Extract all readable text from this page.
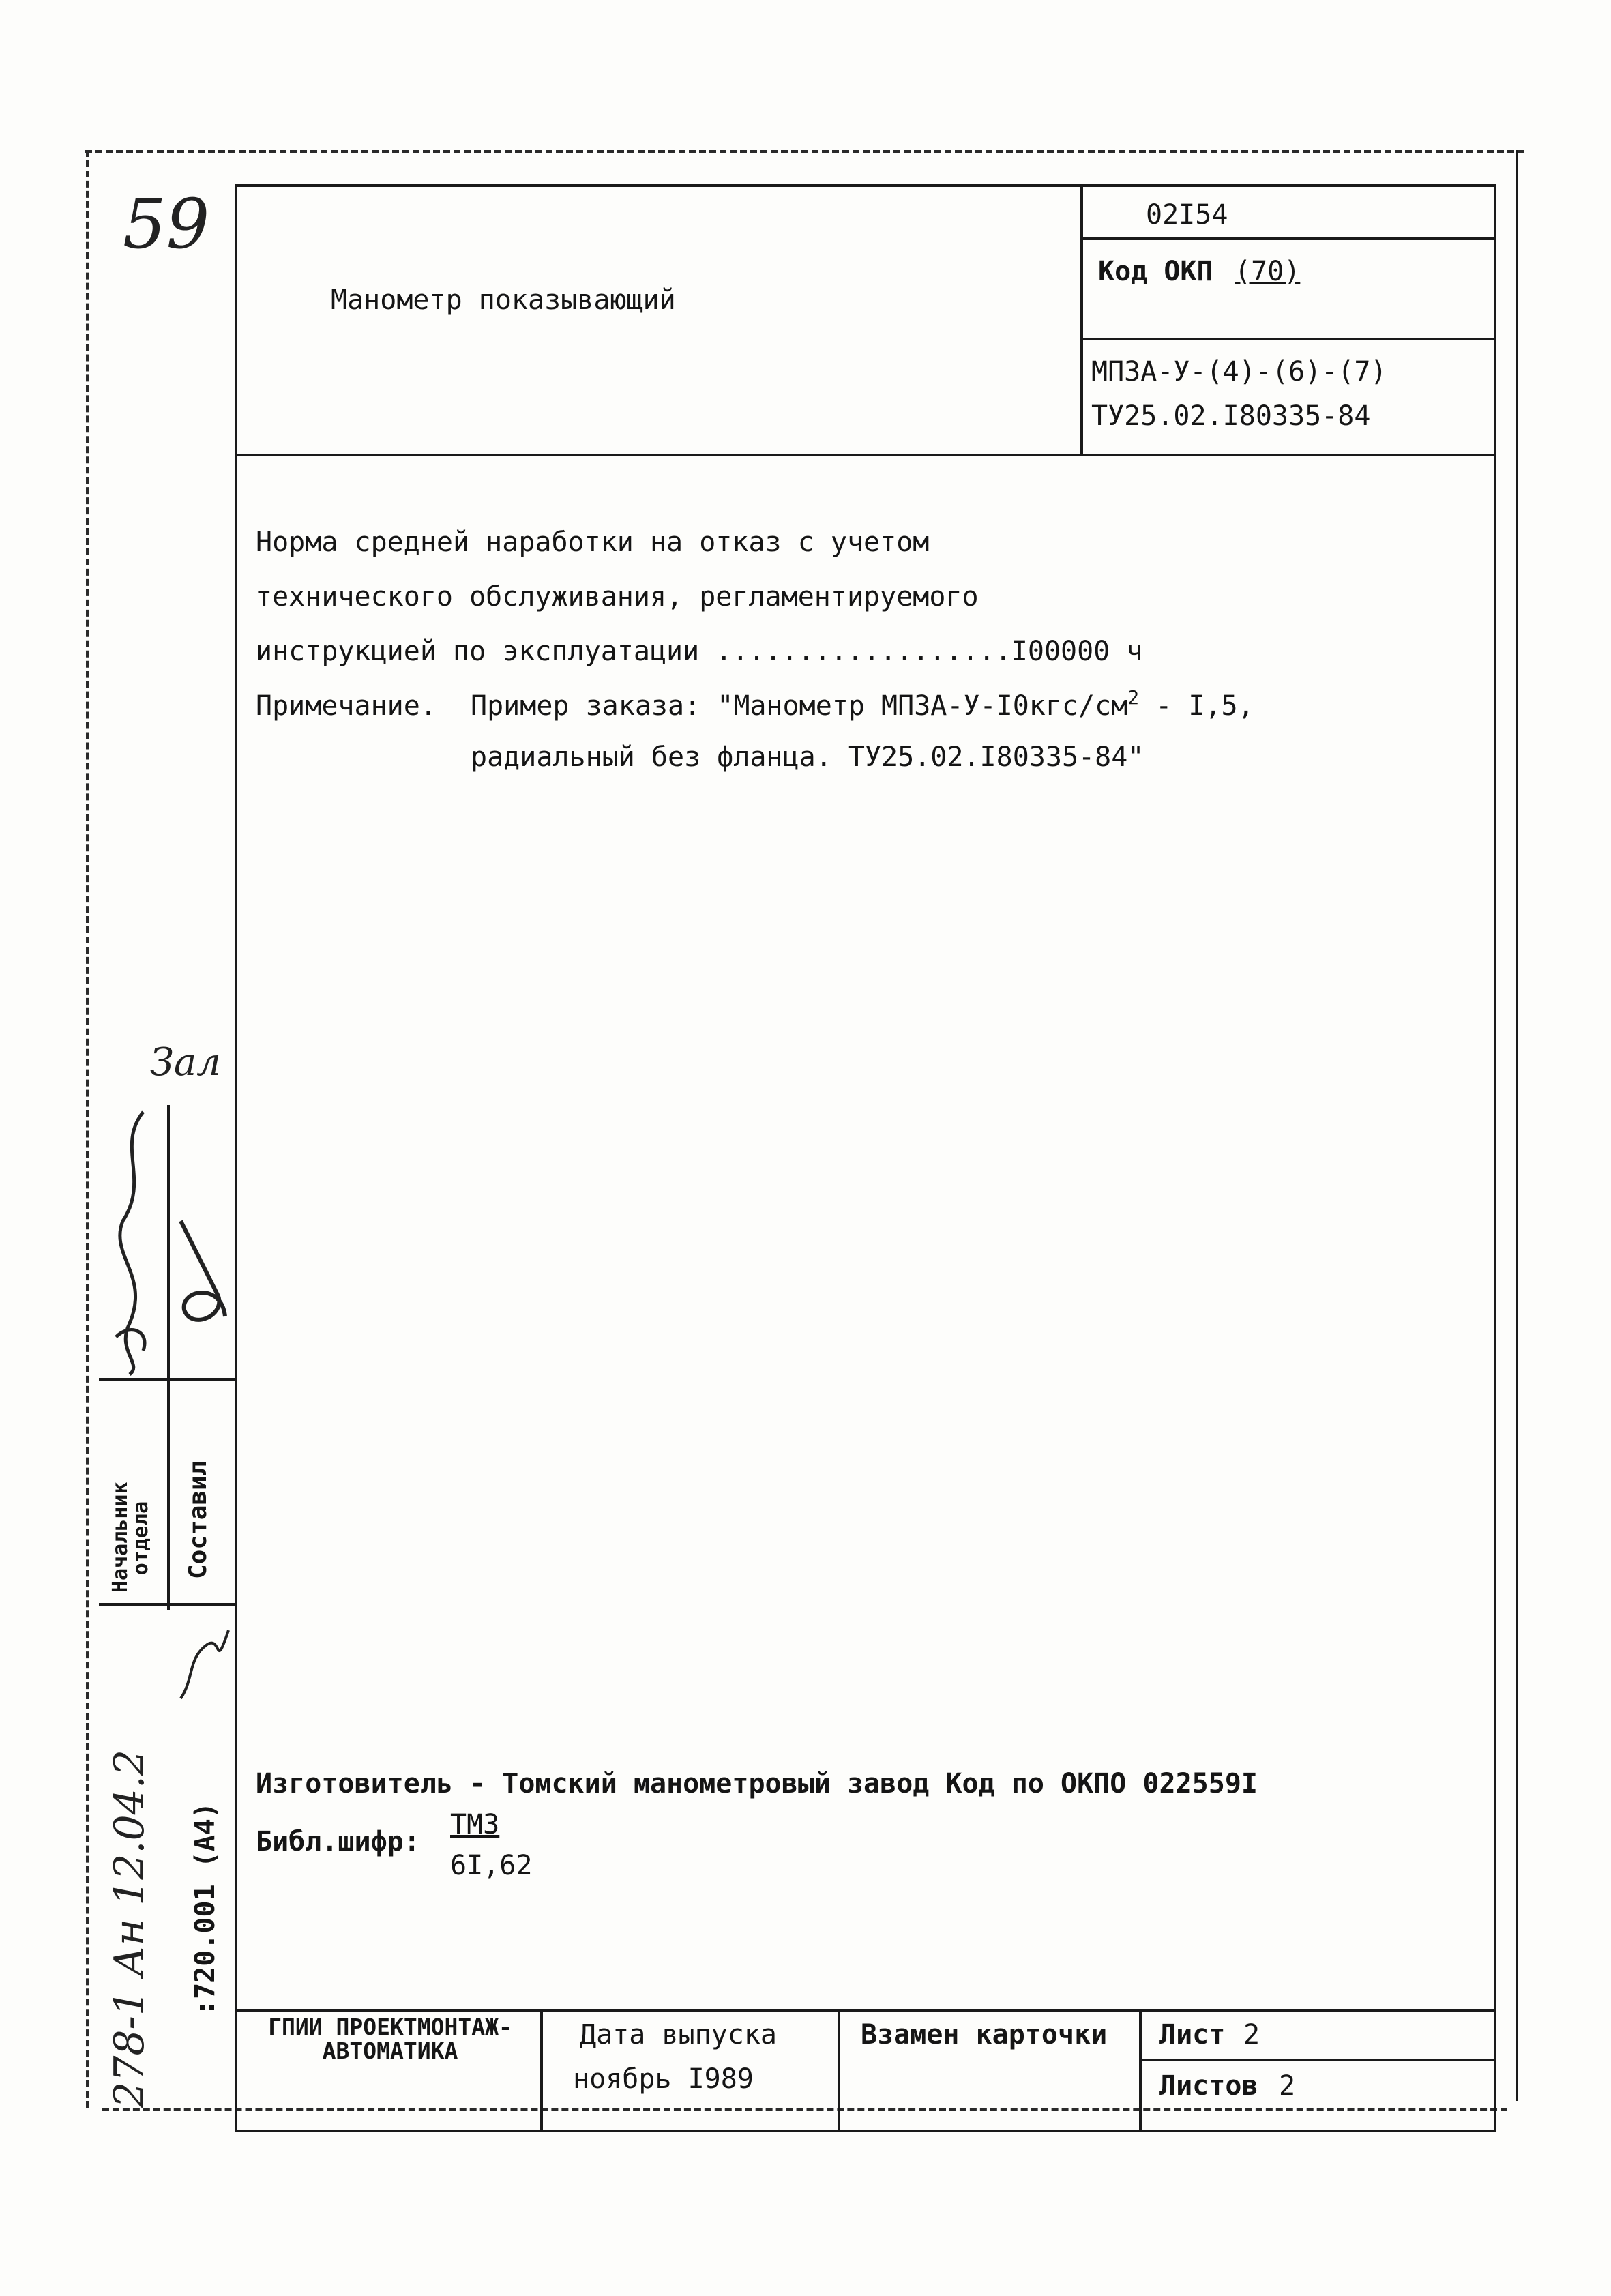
59
Манометр показывающий
02I54
Код ОКП (70)
МПЗА-У-(4)-(6)-(7)
ТУ25.02.I80335-84
Норма средней наработки на отказ с учетом
технического обслуживания, регламентируемого
инструкцией по эксплуатации ..................I00000 ч
Примечание. Пример заказа: "Манометр МПЗА-$У-I0кгс/см^2 - I,5$,
радиальный без фланца. ТУ25.02.I80335-84"
Изготовитель - Томский манометровый завод Код по ОКПО 022559I
Библ.шифр:
ТМЗ
6I,62
ГПИИ ПРОЕКТМОНТАЖ- АВТОМАТИКА
Дата выпуска
ноябрь I989
Взамен карточки Лист 2
Листов 2
Начальник отдела Составил
:720.001 (A4)
278-1 Ан 12.04.2
Зал
